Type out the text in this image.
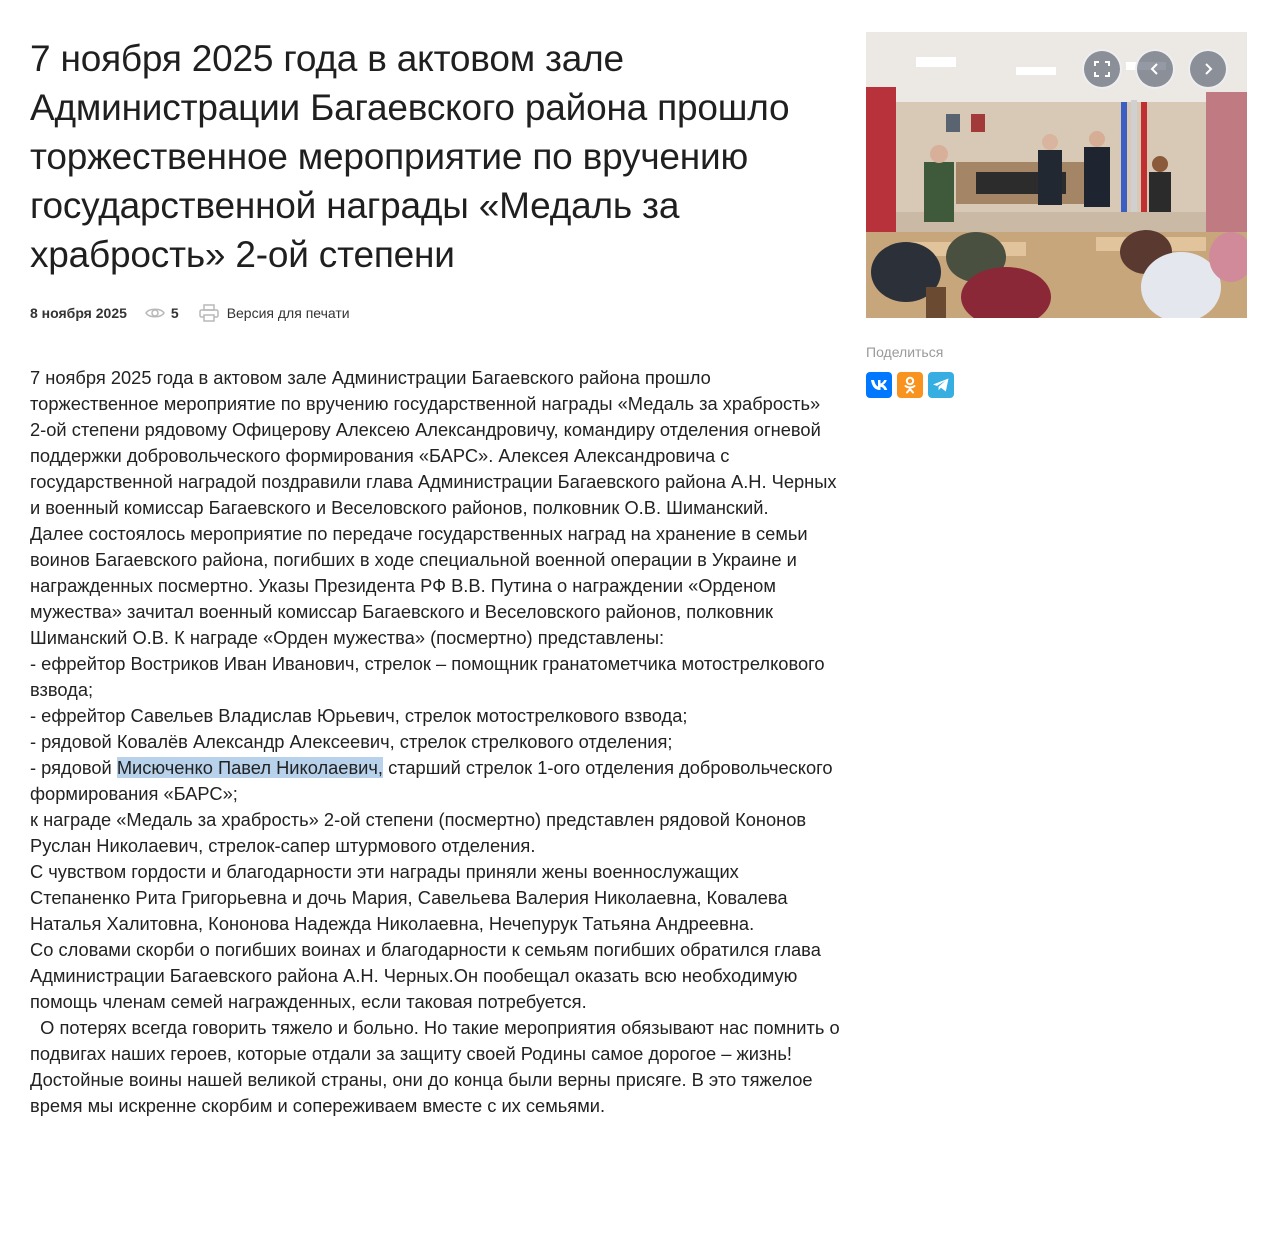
7 ноября 2025 года в актовом зале Администрации Багаевского района прошло торжественное мероприятие по вручению государственной награды «Медаль за храбрость» 2-ой степени
8 ноября 2025	5	Версия для печати

7 ноября 2025 года в актовом зале Администрации Багаевского района прошло торжественное мероприятие по вручению государственной награды «Медаль за храбрость» 2-ой степени рядовому Офицерову Алексею Александровичу, командиру отделения огневой поддержки добровольческого формирования «БАРС». Алексея Александровича с государственной наградой поздравили глава Администрации Багаевского района А.Н. Черных и военный комиссар Багаевского и Веселовского районов, полковник О.В. Шиманский.

Далее состоялось мероприятие по передаче государственных наград на хранение в семьи воинов Багаевского района, погибших в ходе специальной военной операции в Украине и награжденных посмертно. Указы Президента РФ В.В. Путина о награждении «Орденом мужества» зачитал военный комиссар Багаевского и Веселовского районов, полковник Шиманский О.В. К награде «Орден мужества» (посмертно) представлены:

- ефрейтор Востриков Иван Иванович, стрелок – помощник гранатометчика мотострелкового взвода;

- ефрейтор Савельев Владислав Юрьевич, стрелок мотострелкового взвода;

- рядовой Ковалёв Александр Алексеевич, стрелок стрелкового отделения;

- рядовой Мисюченко Павел Николаевич, старший стрелок 1-ого отделения добровольческого формирования «БАРС»;

к награде «Медаль за храбрость» 2-ой степени (посмертно) представлен рядовой Кононов Руслан Николаевич, стрелок-сапер штурмового отделения.

С чувством гордости и благодарности эти награды приняли жены военнослужащих Степаненко Рита Григорьевна и дочь Мария, Савельева Валерия Николаевна, Ковалева Наталья Халитовна, Кононова Надежда Николаевна, Нечепурук Татьяна Андреевна.

Со словами скорби о погибших воинах и благодарности к семьям погибших обратился глава Администрации Багаевского района А.Н. Черных.Он пообещал оказать всю необходимую помощь членам семей награжденных, если таковая потребуется.

О потерях всегда говорить тяжело и больно. Но такие мероприятия обязывают нас помнить о подвигах наших героев, которые отдали за защиту своей Родины самое дорогое – жизнь! Достойные воины нашей великой страны, они до конца были верны присяге. В это тяжелое время мы искренне скорбим и сопереживаем вместе с их семьями.

Поделиться
